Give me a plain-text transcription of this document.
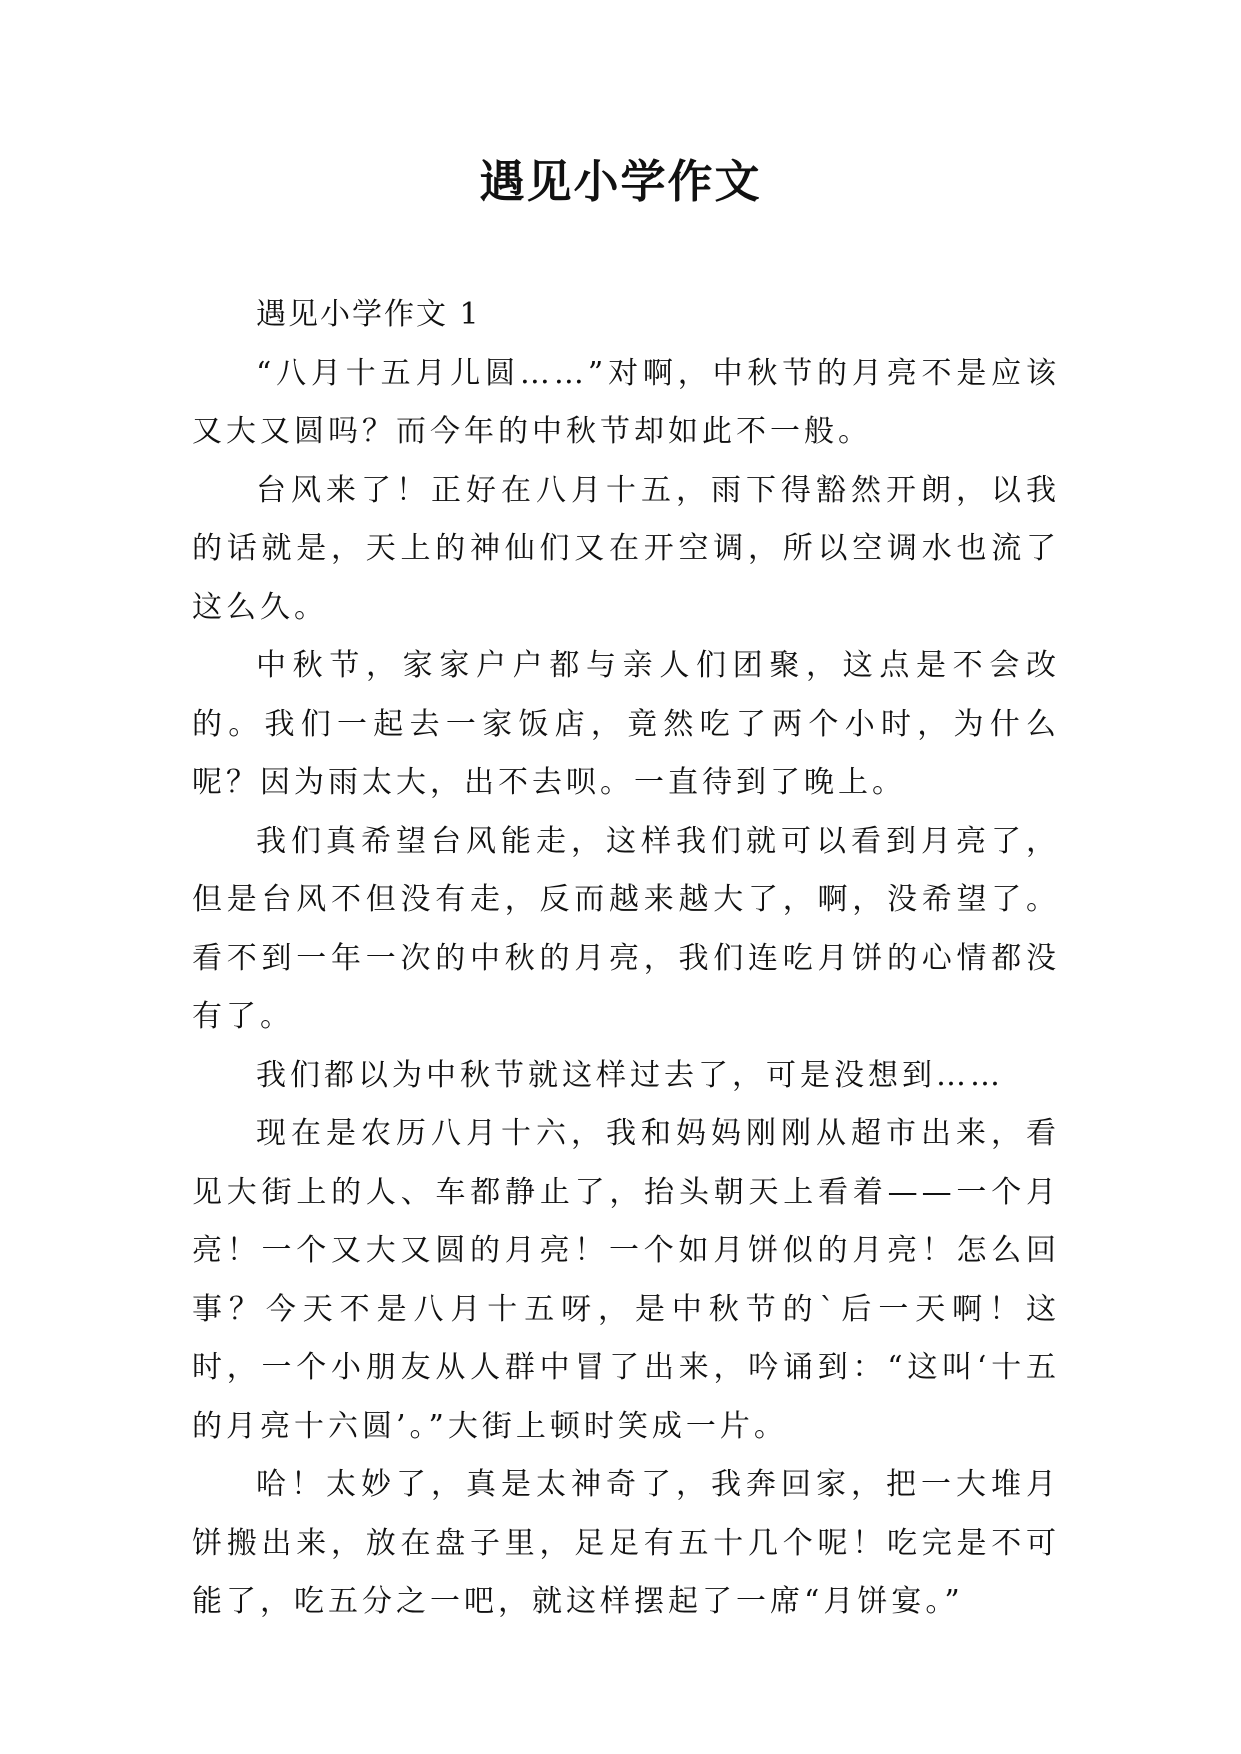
遇见小学作文

遇见小学作文 1

“八月十五月儿圆……”对啊，中秋节的月亮不是应该又大又圆吗？而今年的中秋节却如此不一般。

台风来了！正好在八月十五，雨下得豁然开朗，以我的话就是，天上的神仙们又在开空调，所以空调水也流了这么久。

中秋节，家家户户都与亲人们团聚，这点是不会改的。我们一起去一家饭店，竟然吃了两个小时，为什么呢？因为雨太大，出不去呗。一直待到了晚上。

我们真希望台风能走，这样我们就可以看到月亮了，但是台风不但没有走，反而越来越大了，啊，没希望了。看不到一年一次的中秋的月亮，我们连吃月饼的心情都没有了。

我们都以为中秋节就这样过去了，可是没想到……

现在是农历八月十六，我和妈妈刚刚从超市出来，看见大街上的人、车都静止了，抬头朝天上看着——一个月亮！一个又大又圆的月亮！一个如月饼似的月亮！怎么回事？今天不是八月十五呀，是中秋节的`后一天啊！这时，一个小朋友从人群中冒了出来，吟诵到：“这叫‘十五的月亮十六圆’。”大街上顿时笑成一片。

哈！太妙了，真是太神奇了，我奔回家，把一大堆月饼搬出来，放在盘子里，足足有五十几个呢！吃完是不可能了，吃五分之一吧，就这样摆起了一席“月饼宴。”
